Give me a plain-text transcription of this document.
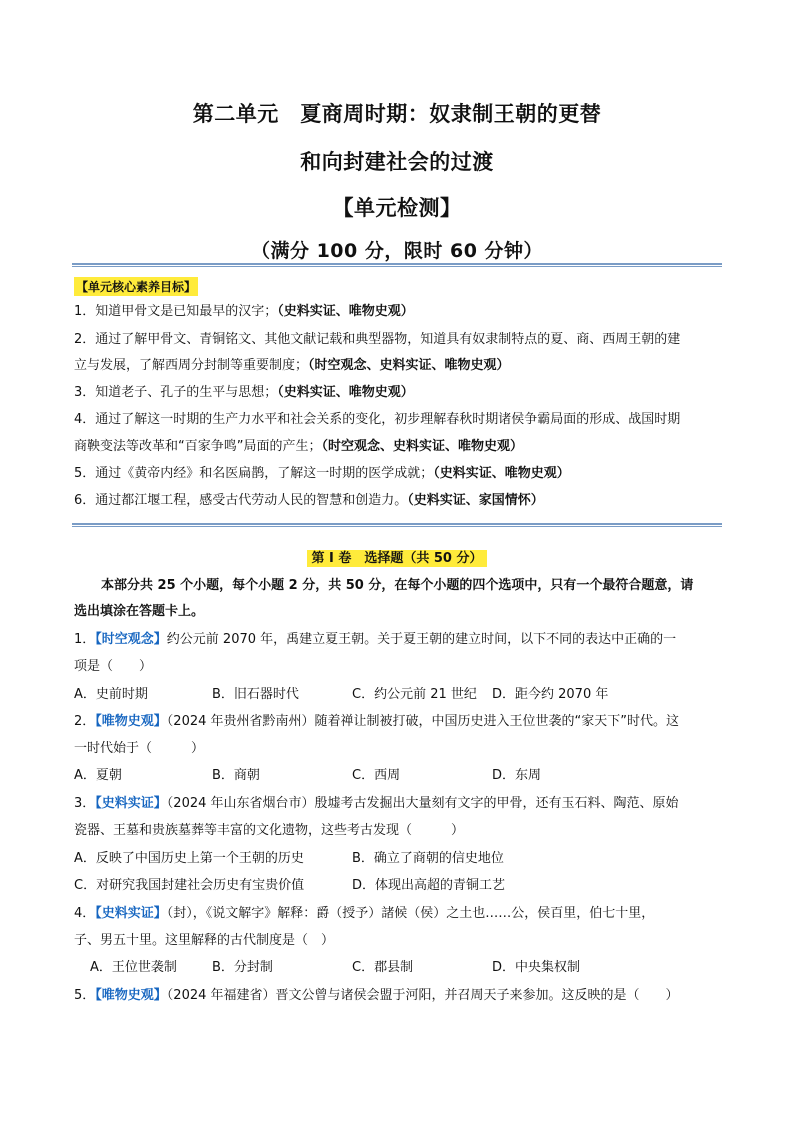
第二单元　夏商周时期：奴隶制王朝的更替
和向封建社会的过渡
【单元检测】
（满分 100 分，限时 60 分钟）
【单元核心素养目标】
1．知道甲骨文是已知最早的汉字；（史料实证、唯物史观）
2．通过了解甲骨文、青铜铭文、其他文献记载和典型器物，知道具有奴隶制特点的夏、商、西周王朝的建
立与发展，了解西周分封制等重要制度；（时空观念、史料实证、唯物史观）
3．知道老子、孔子的生平与思想；（史料实证、唯物史观）
4．通过了解这一时期的生产力水平和社会关系的变化，初步理解春秋时期诸侯争霸局面的形成、战国时期
商鞅变法等改革和“百家争鸣”局面的产生；（时空观念、史料实证、唯物史观）
5．通过《黄帝内经》和名医扁鹊，了解这一时期的医学成就；（史料实证、唯物史观）
6．通过都江堰工程，感受古代劳动人民的智慧和创造力。（史料实证、家国情怀）
第 I 卷　选择题（共 50 分）
本部分共 25 个小题，每个小题 2 分，共 50 分，在每个小题的四个选项中，只有一个最符合题意，请
选出填涂在答题卡上。
1．【时空观念】约公元前 2070 年，禹建立夏王朝。关于夏王朝的建立时间，以下不同的表达中正确的一
项是（　　）
A．史前时期	B．旧石器时代	C．约公元前 21 世纪 D．距今约 2070 年
2．【唯物史观】（2024 年贵州省黔南州）随着禅让制被打破，中国历史进入王位世袭的“家天下”时代。这
一时代始于（　　　）
A．夏朝	B．商朝	C．西周	D．东周
3．【史料实证】（2024 年山东省烟台市）殷墟考古发掘出大量刻有文字的甲骨，还有玉石料、陶范、原始
瓷器、王墓和贵族墓葬等丰富的文化遗物，这些考古发现（　　　）
A．反映了中国历史上第一个王朝的历史	B．确立了商朝的信史地位
C．对研究我国封建社会历史有宝贵价值	D．体现出高超的青铜工艺
4．【史料实证】（封），《说文解字》解释：爵（授予）諸候（侯）之土也……公，侯百里，伯七十里，
子、男五十里。这里解释的古代制度是（　）
A．王位世袭制	B．分封制	C．郡县制	D．中央集权制
5．【唯物史观】（2024 年福建省）晋文公曾与诸侯会盟于河阳，并召周天子来参加。这反映的是（　　）
